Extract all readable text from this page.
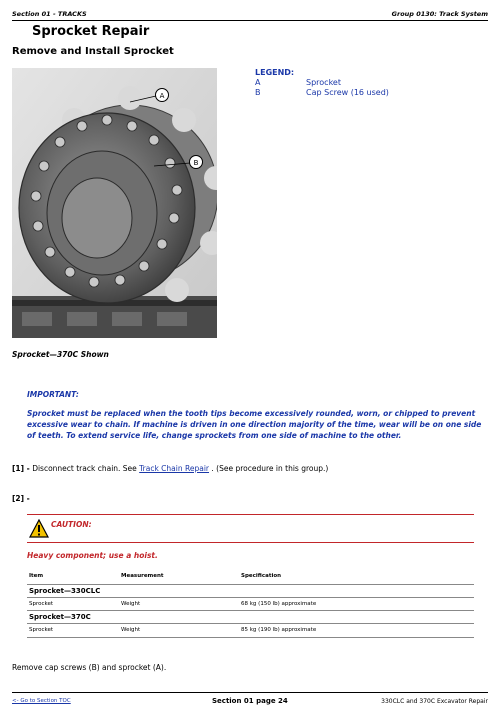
Section 01 - TRACKS	Group 0130: Track System
Sprocket Repair
Remove and Install Sprocket
A
B
LEGEND:
A	Sprocket
B	Cap Screw (16 used)
Sprocket—370C Shown
IMPORTANT:
Sprocket must be replaced when the tooth tips become excessively rounded, worn, or chipped to prevent excessive wear to chain. If machine is driven in one direction majority of the time, wear will be on one side of teeth. To extend service life, change sprockets from one side of machine to the other.
[1] - Disconnect track chain. See Track Chain Repair . (See procedure in this group.)
[2] -
CAUTION:
Heavy component; use a hoist.
Item	Measurement	Specification
Sprocket—330CLC
Sprocket	Weight	68 kg (150 lb) approximate
Sprocket—370C
Sprocket	Weight	85 kg (190 lb) approximate
Remove cap screws (B) and sprocket (A).
<- Go to Section TOC	Section 01 page 24	330CLC and 370C Excavator Repair
